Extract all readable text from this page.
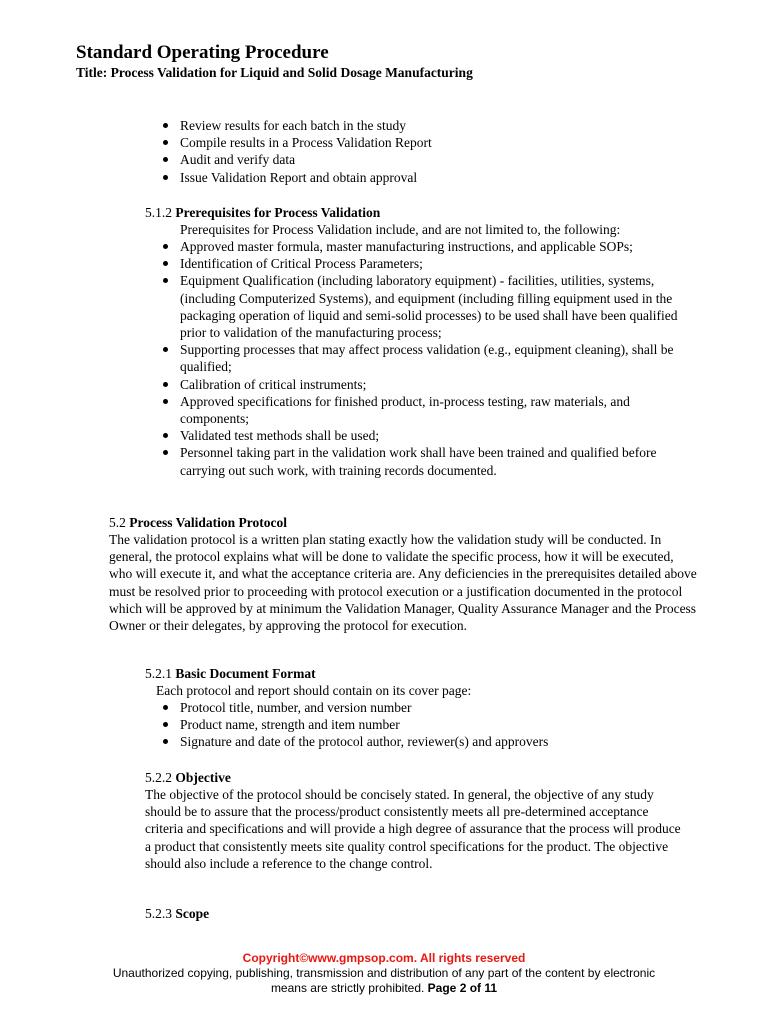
Standard Operating Procedure
Title: Process Validation for Liquid and Solid Dosage Manufacturing
Review results for each batch in the study
Compile results in a Process Validation Report
Audit and verify data
Issue Validation Report and obtain approval
5.1.2 Prerequisites for Process Validation
Prerequisites for Process Validation include, and are not limited to, the following:
Approved master formula, master manufacturing instructions, and applicable SOPs;
Identification of Critical Process Parameters;
Equipment Qualification (including laboratory equipment) - facilities, utilities, systems, (including Computerized Systems), and equipment (including filling equipment used in the packaging operation of liquid and semi-solid processes) to be used shall have been qualified prior to validation of the manufacturing process;
Supporting processes that may affect process validation (e.g., equipment cleaning), shall be qualified;
Calibration of critical instruments;
Approved specifications for finished product, in-process testing, raw materials, and components;
Validated test methods shall be used;
Personnel taking part in the validation work shall have been trained and qualified before carrying out such work, with training records documented.
5.2 Process Validation Protocol

The validation protocol is a written plan stating exactly how the validation study will be conducted. In general, the protocol explains what will be done to validate the specific process, how it will be executed, who will execute it, and what the acceptance criteria are. Any deficiencies in the prerequisites detailed above must be resolved prior to proceeding with protocol execution or a justification documented in the protocol which will be approved by at minimum the Validation Manager, Quality Assurance Manager and the Process Owner or their delegates, by approving the protocol for execution.

5.2.1 Basic Document Format
Each protocol and report should contain on its cover page:
Protocol title, number, and version number
Product name, strength and item number
Signature and date of the protocol author, reviewer(s) and approvers
5.2.2 Objective

The objective of the protocol should be concisely stated. In general, the objective of any study should be to assure that the process/product consistently meets all pre-determined acceptance criteria and specifications and will provide a high degree of assurance that the process will produce a product that consistently meets site quality control specifications for the product. The objective should also include a reference to the change control.

5.2.3 Scope
Copyright©www.gmpsop.com. All rights reserved
Unauthorized copying, publishing, transmission and distribution of any part of the content by electronic
means are strictly prohibited. Page 2 of 11
